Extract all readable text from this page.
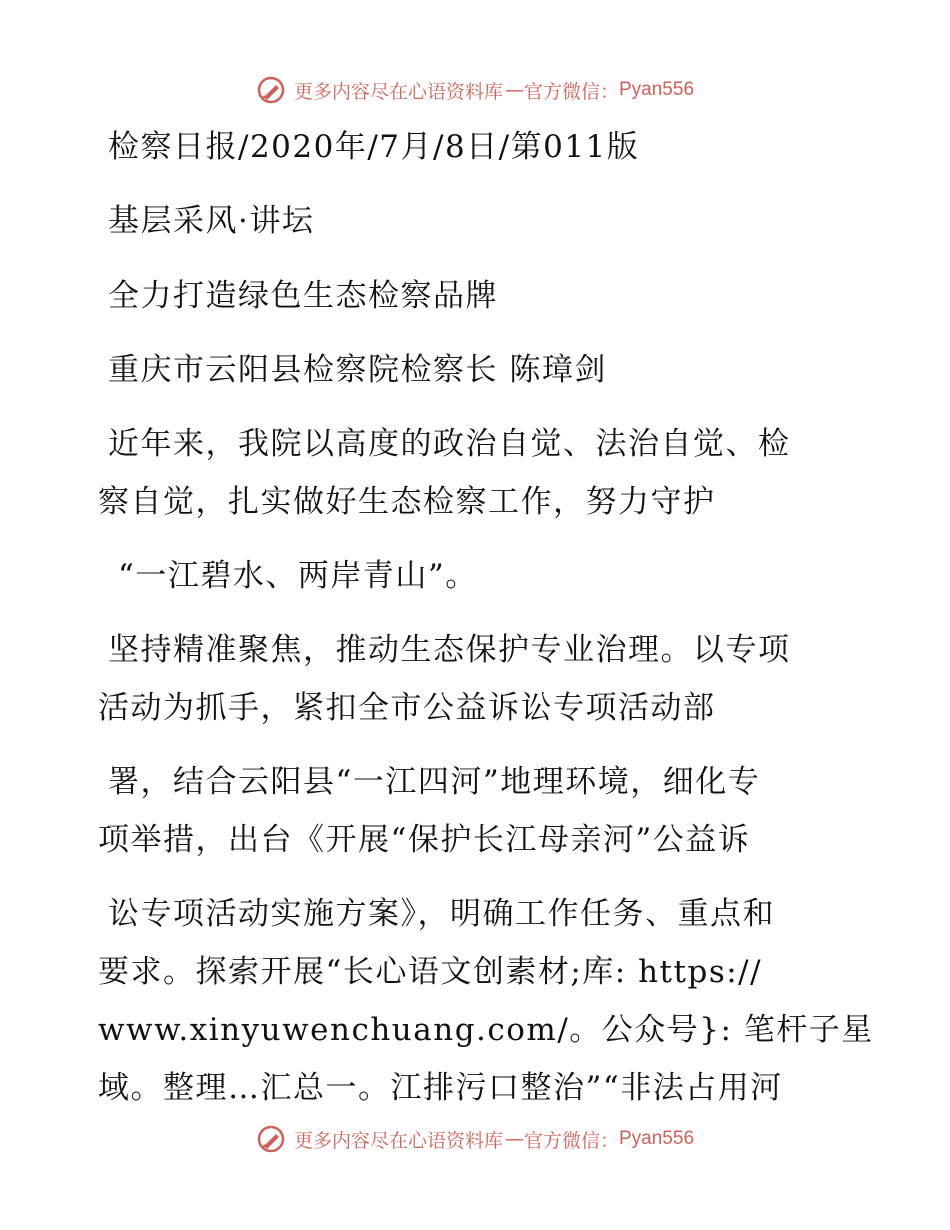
更多内容尽在心语资料库 — 官方微信： Pyan556
检察日报/2020年/7月/8日/第011版
基层采风·讲坛
全力打造绿色生态检察品牌
重庆市云阳县检察院检察长 陈璋剑
近年来，我院以高度的政治自觉、法治自觉、检
察自觉，扎实做好生态检察工作，努力守护
“一江碧水、两岸青山”。
坚持精准聚焦，推动生态保护专业治理。以专项
活动为抓手，紧扣全市公益诉讼专项活动部
署，结合云阳县“一江四河”地理环境，细化专
项举措，出台《开展“保护长江母亲河”公益诉
讼专项活动实施方案》，明确工作任务、重点和
要求。探索开展“长心语文创素材;库: https://
www.xinyuwenchuang.com/。公众号}: 笔杆子星
域。整理…汇总一。江排污口整治”“非法占用河
更多内容尽在心语资料库 — 官方微信： Pyan556
